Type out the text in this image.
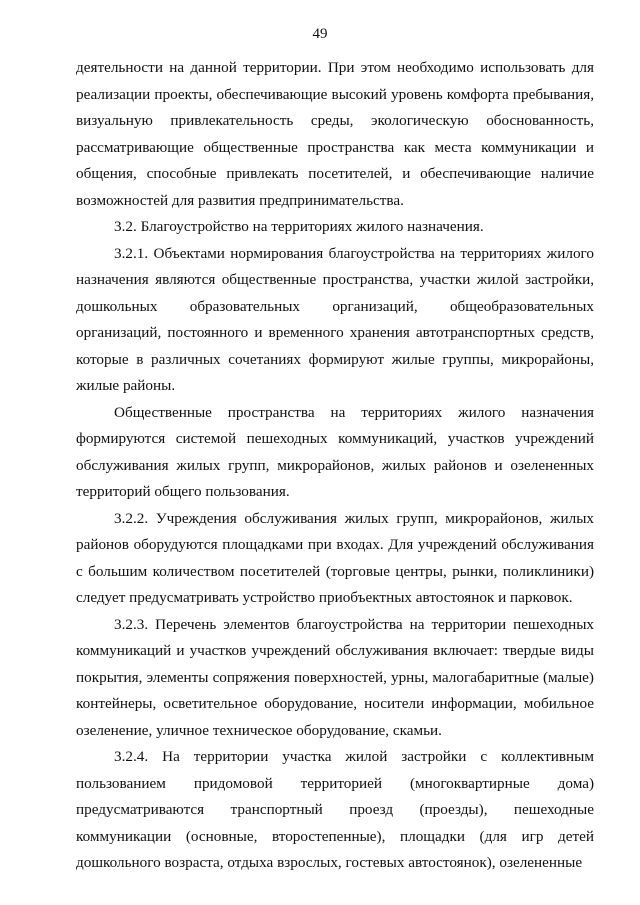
49

деятельности на данной территории. При этом необходимо использовать для реализации проекты, обеспечивающие высокий уровень комфорта пребывания, визуальную привлекательность среды, экологическую обоснованность, рассматривающие общественные пространства как места коммуникации и общения, способные привлекать посетителей, и обеспечивающие наличие возможностей для развития предпринимательства.

3.2. Благоустройство на территориях жилого назначения.

3.2.1. Объектами нормирования благоустройства на территориях жилого назначения являются общественные пространства, участки жилой застройки, дошкольных образовательных организаций, общеобразовательных организаций, постоянного и временного хранения автотранспортных средств, которые в различных сочетаниях формируют жилые группы, микрорайоны, жилые районы.

Общественные пространства на территориях жилого назначения формируются системой пешеходных коммуникаций, участков учреждений обслуживания жилых групп, микрорайонов, жилых районов и озелененных территорий общего пользования.

3.2.2. Учреждения обслуживания жилых групп, микрорайонов, жилых районов оборудуются площадками при входах. Для учреждений обслуживания с большим количеством посетителей (торговые центры, рынки, поликлиники) следует предусматривать устройство приобъектных автостоянок и парковок.

3.2.3. Перечень элементов благоустройства на территории пешеходных коммуникаций и участков учреждений обслуживания включает: твердые виды покрытия, элементы сопряжения поверхностей, урны, малогабаритные (малые) контейнеры, осветительное оборудование, носители информации, мобильное озеленение, уличное техническое оборудование, скамьи.

3.2.4. На территории участка жилой застройки с коллективным пользованием придомовой территорией (многоквартирные дома) предусматриваются транспортный проезд (проезды), пешеходные коммуникации (основные, второстепенные), площадки (для игр детей дошкольного возраста, отдыха взрослых, гостевых автостоянок), озелененные
